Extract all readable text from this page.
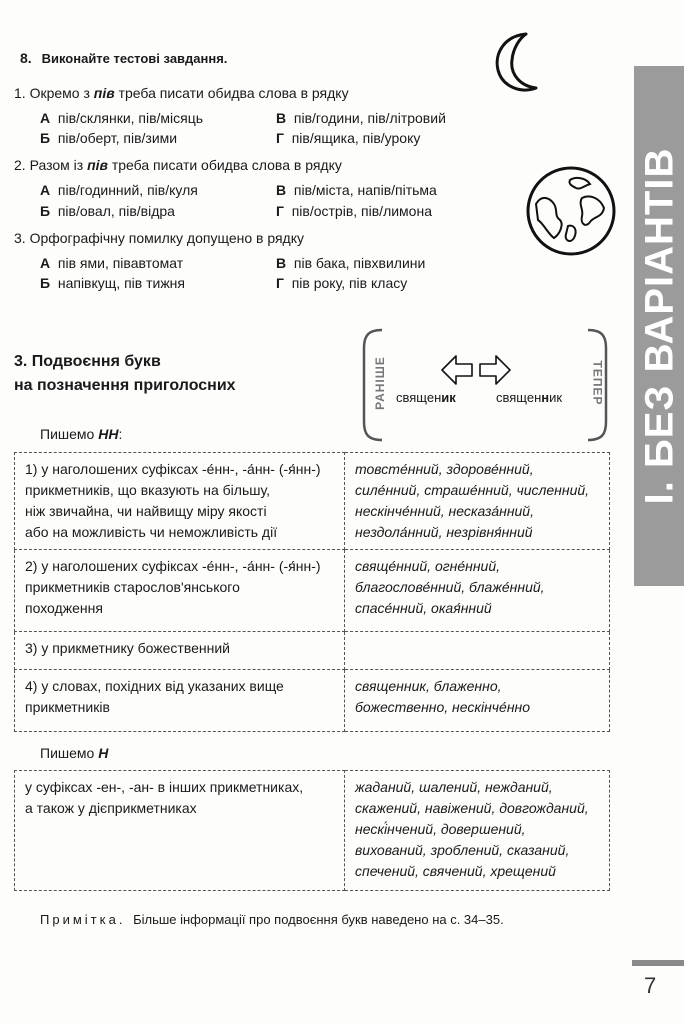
8. Виконайте тестові завдання.
1. Окремо з пів треба писати обидва слова в рядку
А пів/склянки, пів/місяць	В пів/години, пів/літровий
Б пів/оберт, пів/зими	Г пів/ящика, пів/уроку
2. Разом із пів треба писати обидва слова в рядку
А пів/годинний, пів/куля	В пів/міста, напів/пітьма
Б пів/овал, пів/відра	Г пів/острів, пів/лимона
3. Орфографічну помилку допущено в рядку
А пів ями, півавтомат	В пів бака, півхвилини
Б напівкущ, пів тижня	Г пів року, пів класу
3. Подвоєння букв
на позначення приголосних	РАНІШЕ	ТЕПЕР
священик	священник
Пишемо НН:
1) у наголошених суфіксах -е́нн-, -а́нн- (-я́нн-)
прикметників, що вказують на більшу,
ніж звичайна, чи найвищу міру якості
або на можливість чи неможливість дії	товсте́нний, здорове́нний,
силе́нний, страше́нний, численний,
нескінче́нний, несказа́нний,
нездола́нний, незрівня́нний

2) у наголошених суфіксах -е́нн-, -а́нн- (-я́нн-)
прикметників старослов'янського
походження	свяще́нний, огне́нний,
благослове́нний, блаже́нний,
спасе́нний, окая́нний

3) у прикметнику божественний	

4) у словах, похідних від указаних вище
прикметників	священник, блаженно,
божественно, нескінче́нно
Пишемо Н
у суфіксах -ен-, -ан- в інших прикметниках,
а також у дієприкметниках

жаданий, шалений, нежданий,
скажений, навіжений, довгожданий,
нескі́нчений, довершений,
вихований, зроблений, сказаний,
спечений, свячений, хрещений
Примітка. Більше інформації про подвоєння букв наведено на с. 34–35.
І. БЕЗ ВАРІАНТІВ
7
